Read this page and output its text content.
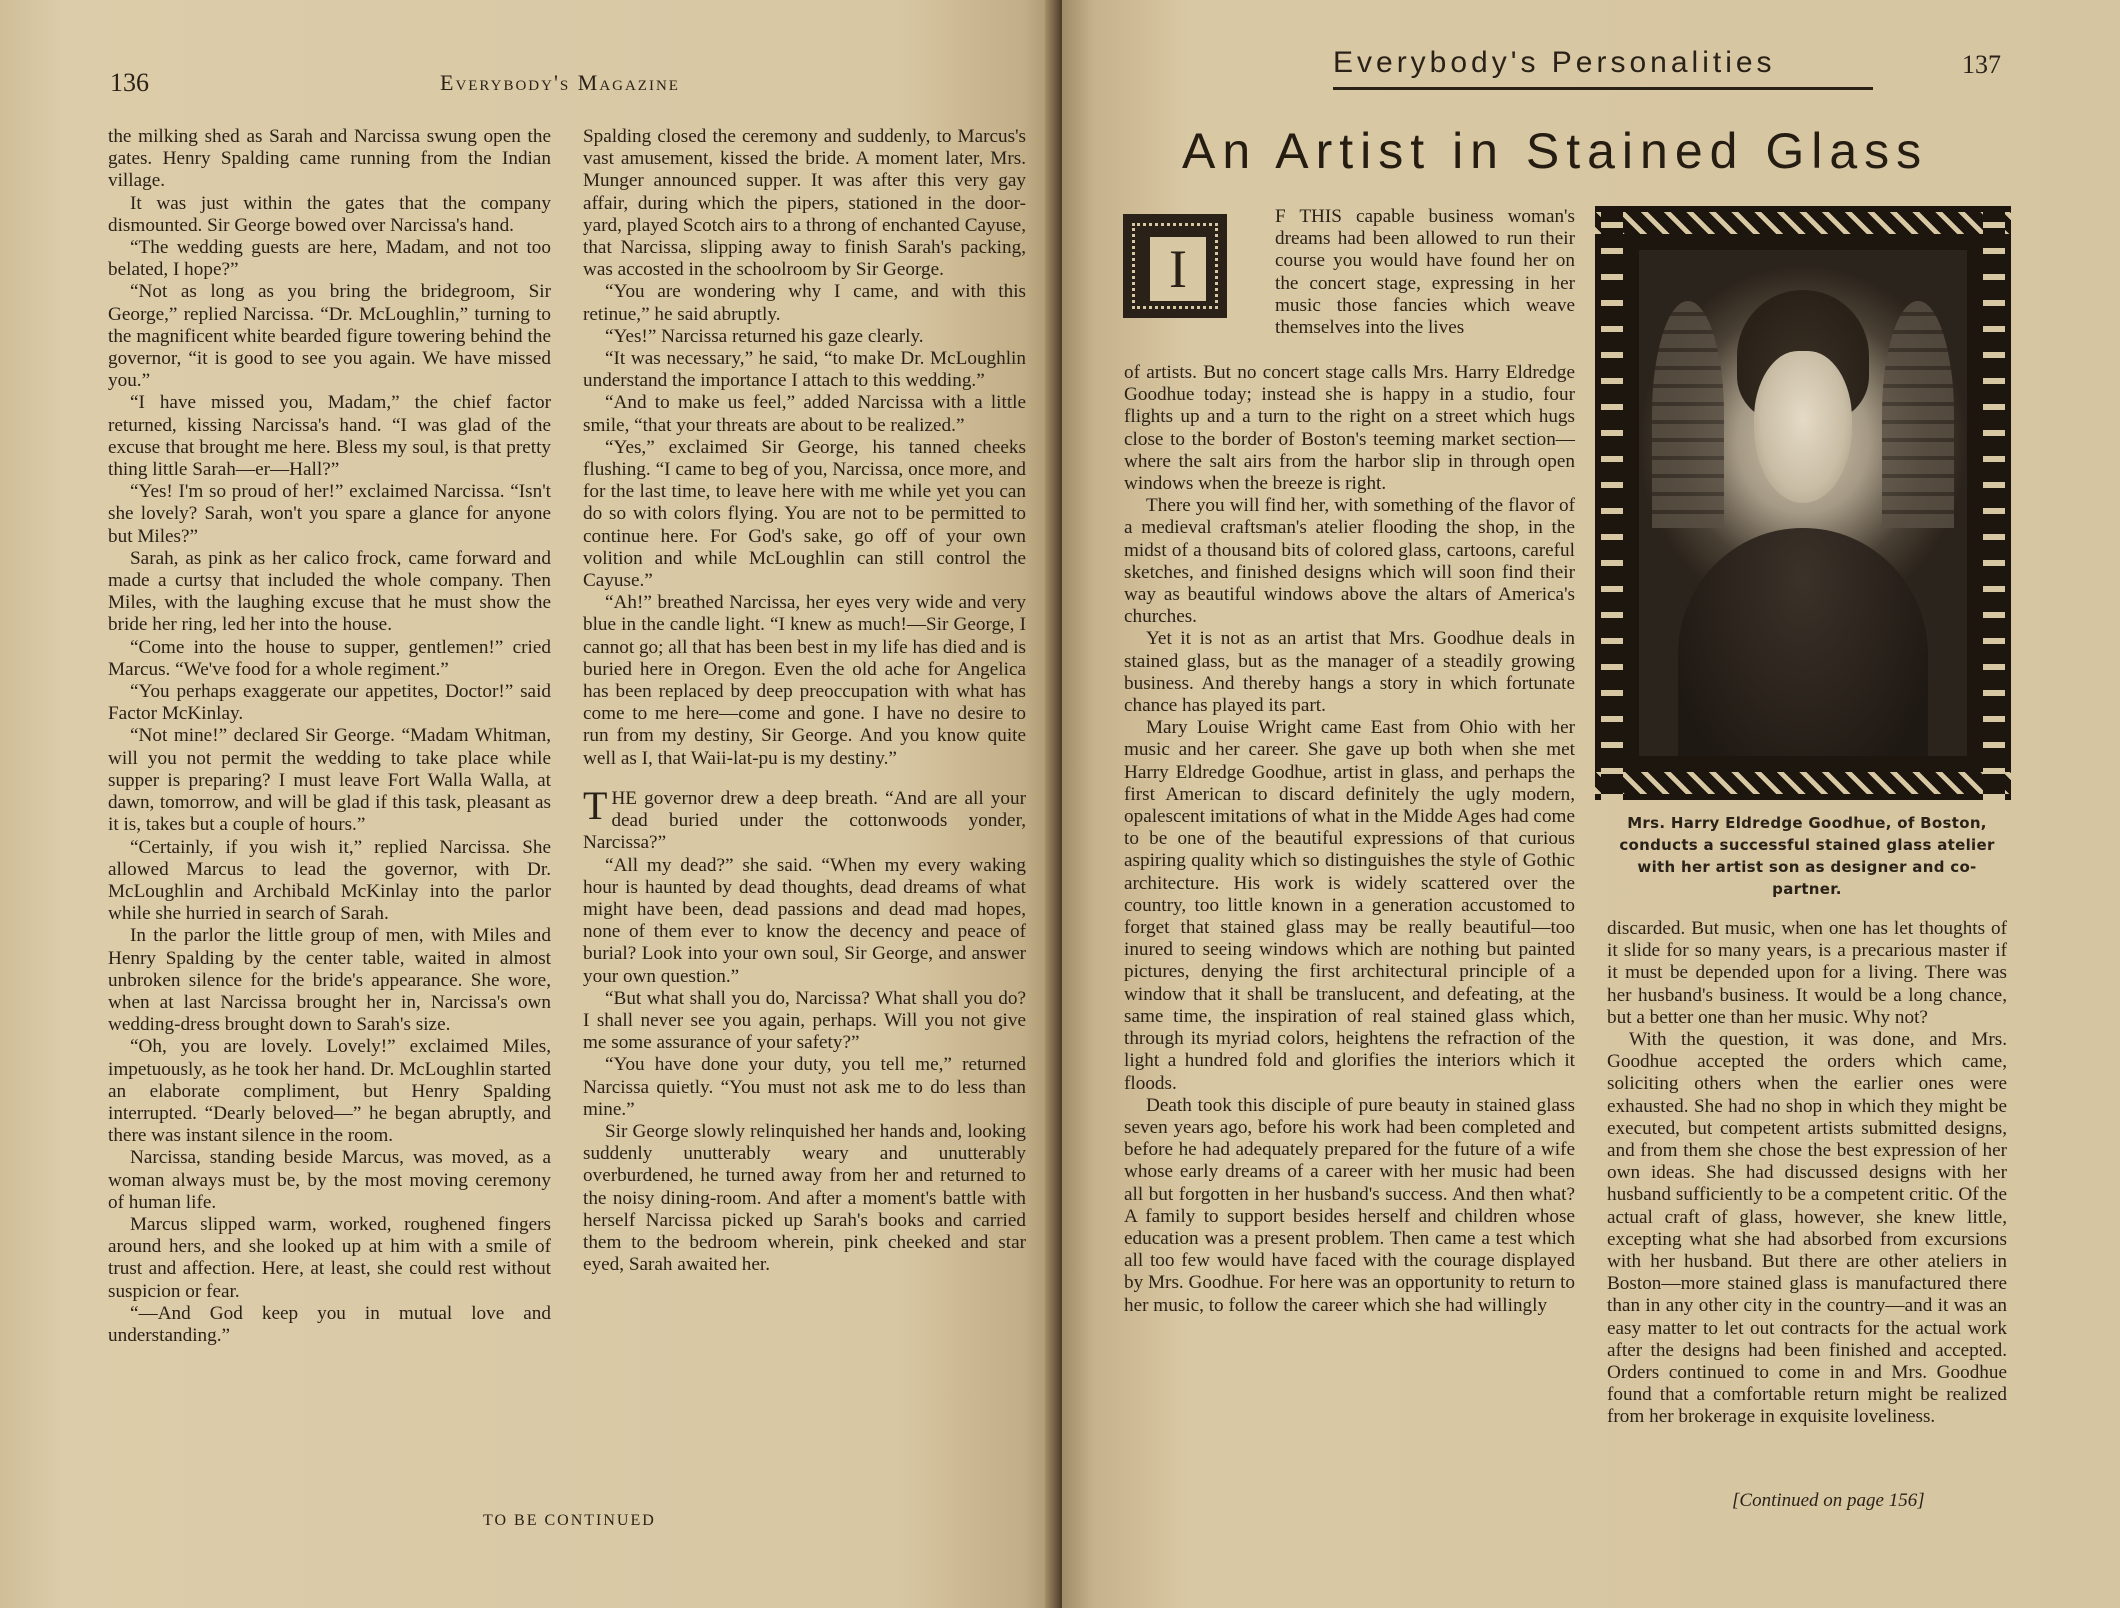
136	Everybody's Magazine

the milking shed as Sarah and Narcissa swung open the gates. Henry Spalding came running from the Indian village.

It was just within the gates that the company dismounted. Sir George bowed over Narcissa's hand.

“The wedding guests are here, Madam, and not too belated, I hope?”

“Not as long as you bring the bridegroom, Sir George,” replied Narcissa. “Dr. McLoughlin,” turning to the magnificent white bearded figure towering behind the governor, “it is good to see you again. We have missed you.”

“I have missed you, Madam,” the chief factor returned, kissing Narcissa's hand. “I was glad of the excuse that brought me here. Bless my soul, is that pretty thing little Sarah—er—Hall?”

“Yes! I'm so proud of her!” exclaimed Narcissa. “Isn't she lovely? Sarah, won't you spare a glance for anyone but Miles?”

Sarah, as pink as her calico frock, came forward and made a curtsy that included the whole company. Then Miles, with the laughing excuse that he must show the bride her ring, led her into the house.

“Come into the house to supper, gentlemen!” cried Marcus. “We've food for a whole regiment.”

“You perhaps exaggerate our appetites, Doctor!” said Factor McKinlay.

“Not mine!” declared Sir George. “Madam Whitman, will you not permit the wedding to take place while supper is preparing? I must leave Fort Walla Walla, at dawn, tomorrow, and will be glad if this task, pleasant as it is, takes but a couple of hours.”

“Certainly, if you wish it,” replied Narcissa. She allowed Marcus to lead the governor, with Dr. McLoughlin and Archibald McKinlay into the parlor while she hurried in search of Sarah.

In the parlor the little group of men, with Miles and Henry Spalding by the center table, waited in almost unbroken silence for the bride's appearance. She wore, when at last Narcissa brought her in, Narcissa's own wedding-dress brought down to Sarah's size.

“Oh, you are lovely. Lovely!” exclaimed Miles, impetuously, as he took her hand. Dr. McLoughlin started an elaborate compliment, but Henry Spalding interrupted. “Dearly beloved—” he began abruptly, and there was instant silence in the room.

Narcissa, standing beside Marcus, was moved, as a woman always must be, by the most moving ceremony of human life.

Marcus slipped warm, worked, roughened fingers around hers, and she looked up at him with a smile of trust and affection. Here, at least, she could rest without suspicion or fear.

“—And God keep you in mutual love and understanding.”

Spalding closed the ceremony and suddenly, to Marcus's vast amusement, kissed the bride. A moment later, Mrs. Munger announced supper. It was after this very gay affair, during which the pipers, stationed in the door-yard, played Scotch airs to a throng of enchanted Cayuse, that Narcissa, slipping away to finish Sarah's packing, was accosted in the schoolroom by Sir George.

“You are wondering why I came, and with this retinue,” he said abruptly.

“Yes!” Narcissa returned his gaze clearly.

“It was necessary,” he said, “to make Dr. McLoughlin understand the importance I attach to this wedding.”

“And to make us feel,” added Narcissa with a little smile, “that your threats are about to be realized.”

“Yes,” exclaimed Sir George, his tanned cheeks flushing. “I came to beg of you, Narcissa, once more, and for the last time, to leave here with me while yet you can do so with colors flying. You are not to be permitted to continue here. For God's sake, go off of your own volition and while McLoughlin can still control the Cayuse.”

“Ah!” breathed Narcissa, her eyes very wide and very blue in the candle light. “I knew as much!—Sir George, I cannot go; all that has been best in my life has died and is buried here in Oregon. Even the old ache for Angelica has been replaced by deep preoccupation with what has come to me here—come and gone. I have no desire to run from my destiny, Sir George. And you know quite well as I, that Waii-lat-pu is my destiny.”

THE governor drew a deep breath. “And are all your dead buried under the cottonwoods yonder, Narcissa?”

“All my dead?” she said. “When my every waking hour is haunted by dead thoughts, dead dreams of what might have been, dead passions and dead mad hopes, none of them ever to know the decency and peace of burial? Look into your own soul, Sir George, and answer your own question.”

“But what shall you do, Narcissa? What shall you do? I shall never see you again, perhaps. Will you not give me some assurance of your safety?”

“You have done your duty, you tell me,” returned Narcissa quietly. “You must not ask me to do less than mine.”

Sir George slowly relinquished her hands and, looking suddenly unutterably weary and unutterably overburdened, he turned away from her and returned to the noisy dining-room. And after a moment's battle with herself Narcissa picked up Sarah's books and carried them to the bedroom wherein, pink cheeked and star eyed, Sarah awaited her.

TO BE CONTINUED
Everybody's Personalities	137
An Artist in Stained Glass
I

F THIS capable business woman's dreams had been allowed to run their course you would have found her on the concert stage, expressing in her music those fancies which weave themselves into the lives

of artists. But no concert stage calls Mrs. Harry Eldredge Goodhue today; instead she is happy in a studio, four flights up and a turn to the right on a street which hugs close to the border of Boston's teeming market section—where the salt airs from the harbor slip in through open windows when the breeze is right.

There you will find her, with something of the flavor of a medieval craftsman's atelier flooding the shop, in the midst of a thousand bits of colored glass, cartoons, careful sketches, and finished designs which will soon find their way as beautiful windows above the altars of America's churches.

Yet it is not as an artist that Mrs. Goodhue deals in stained glass, but as the manager of a steadily growing business. And thereby hangs a story in which fortunate chance has played its part.

Mary Louise Wright came East from Ohio with her music and her career. She gave up both when she met Harry Eldredge Goodhue, artist in glass, and perhaps the first American to discard definitely the ugly modern, opalescent imitations of what in the Midde Ages had come to be one of the beautiful expressions of that curious aspiring quality which so distinguishes the style of Gothic architecture. His work is widely scattered over the country, too little known in a generation accustomed to forget that stained glass may be really beautiful—too inured to seeing windows which are nothing but painted pictures, denying the first architectural principle of a window that it shall be translucent, and defeating, at the same time, the inspiration of real stained glass which, through its myriad colors, heightens the refraction of the light a hundred fold and glorifies the interiors which it floods.

Death took this disciple of pure beauty in stained glass seven years ago, before his work had been completed and before he had adequately prepared for the future of a wife whose early dreams of a career with her music had been all but forgotten in her husband's success. And then what? A family to support besides herself and children whose education was a present problem. Then came a test which all too few would have faced with the courage displayed by Mrs. Goodhue. For here was an opportunity to return to her music, to follow the career which she had willingly

Mrs. Harry Eldredge Goodhue, of Boston, conducts a successful stained glass atelier with her artist son as designer and co-partner.

discarded. But music, when one has let thoughts of it slide for so many years, is a precarious master if it must be depended upon for a living. There was her husband's business. It would be a long chance, but a better one than her music. Why not?

With the question, it was done, and Mrs. Goodhue accepted the orders which came, soliciting others when the earlier ones were exhausted. She had no shop in which they might be executed, but competent artists submitted designs, and from them she chose the best expression of her own ideas. She had discussed designs with her husband sufficiently to be a competent critic. Of the actual craft of glass, however, she knew little, excepting what she had absorbed from excursions with her husband. But there are other ateliers in Boston—more stained glass is manufactured there than in any other city in the country—and it was an easy matter to let out contracts for the actual work after the designs had been finished and accepted. Orders continued to come in and Mrs. Goodhue found that a comfortable return might be realized from her brokerage in exquisite loveliness.

[Continued on page 156]
